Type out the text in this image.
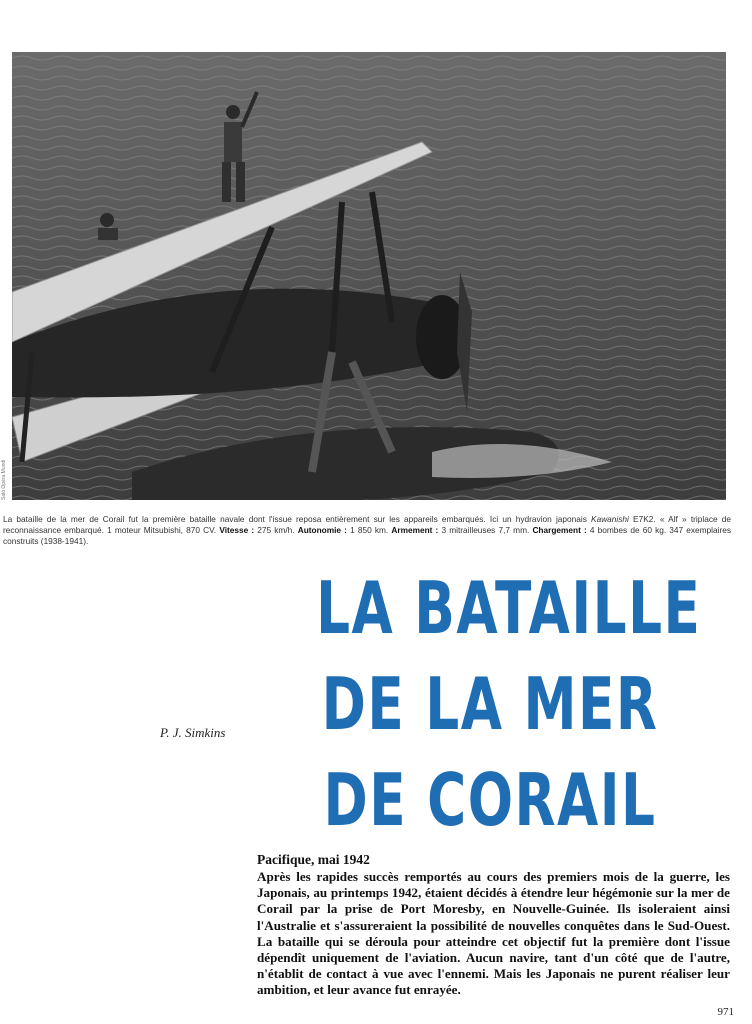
Salò Opéra Mundi
La bataille de la mer de Corail fut la première bataille navale dont l'issue reposa entièrement sur les appareils embarqués. Ici un hydravion japonais Kawanishi E7K2. « Alf » triplace de reconnaissance embarqué. 1 moteur Mitsubishi, 870 CV. Vitesse : 275 km/h. Autonomie : 1 850 km. Armement : 3 mitrailleuses 7,7 mm. Chargement : 4 bombes de 60 kg. 347 exemplaires construits (1938-1941).
LA BATAILLE
DE LA MER
DE CORAIL
P. J. Simkins
Pacifique, mai 1942
Après les rapides succès remportés au cours des premiers mois de la guerre, les Japonais, au printemps 1942, étaient décidés à étendre leur hégémonie sur la mer de Corail par la prise de Port Moresby, en Nouvelle-Guinée. Ils isoleraient ainsi l'Australie et s'assureraient la possibilité de nouvelles conquêtes dans le Sud-Ouest. La bataille qui se déroula pour atteindre cet objectif fut la première dont l'issue dépendît uniquement de l'aviation. Aucun navire, tant d'un côté que de l'autre, n'établit de contact à vue avec l'ennemi. Mais les Japonais ne purent réaliser leur ambition, et leur avance fut enrayée.
971
